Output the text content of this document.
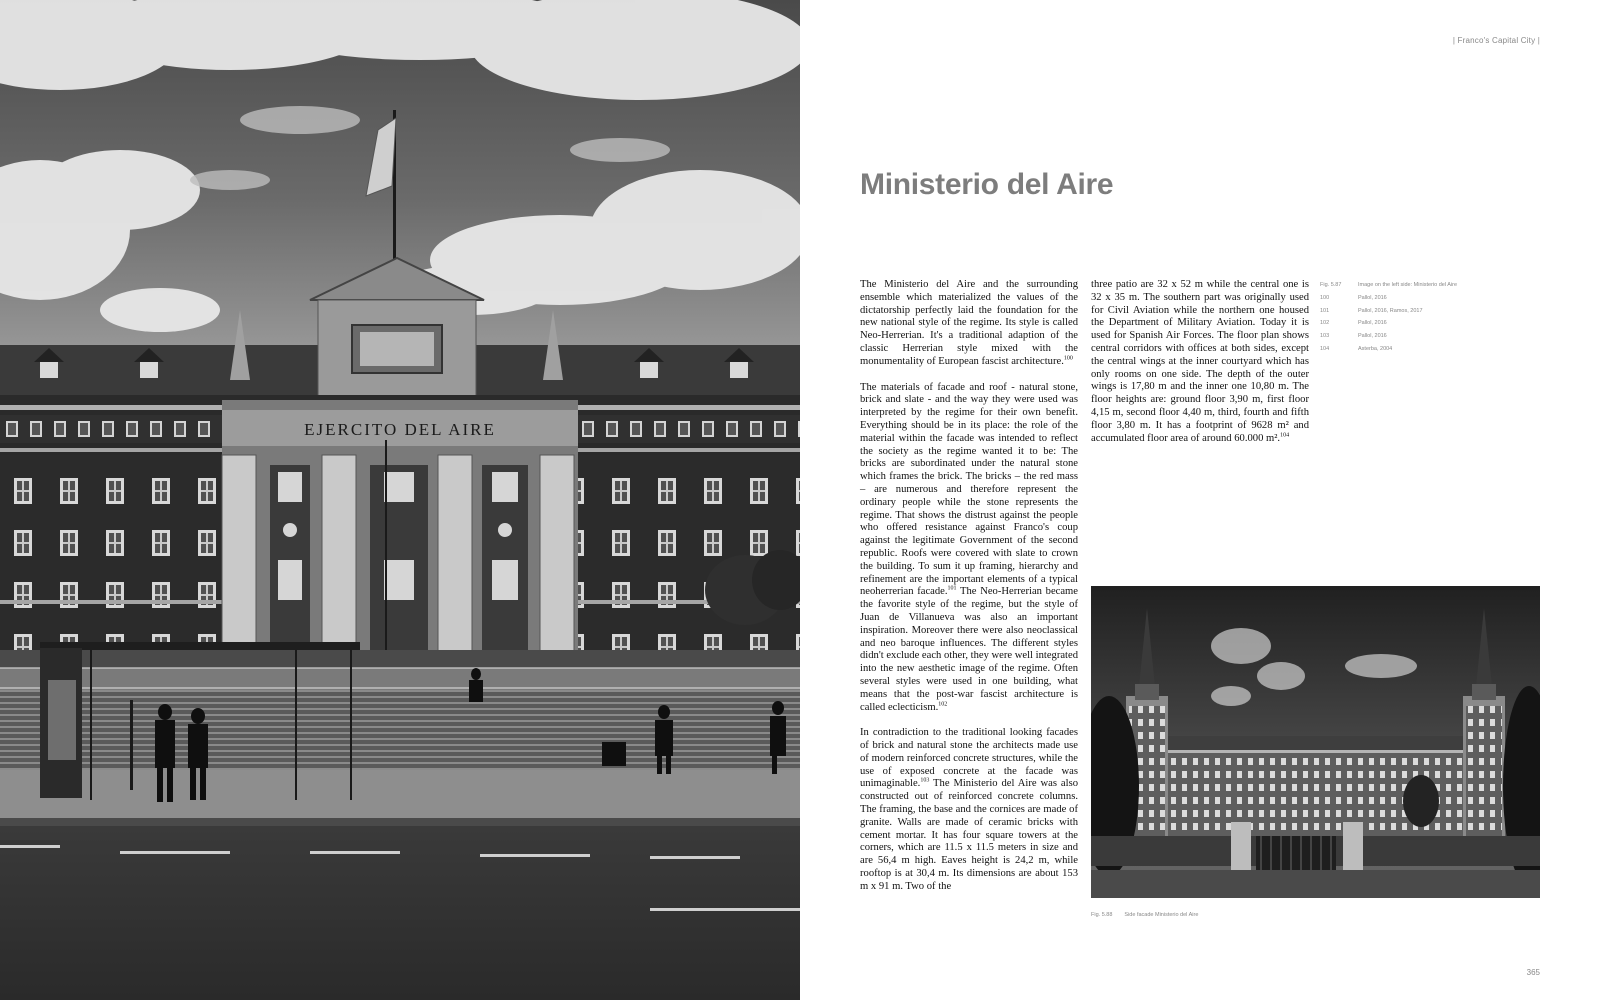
EJERCITO DEL AIRE
| Franco's Capital City |
Ministerio del Aire

The Ministerio del Aire and the surrounding ensemble which materialized the values of the dictatorship perfectly laid the foundation for the new national style of the regime. Its style is called Neo-Herrerian. It's a traditional adaption of the classic Herrerian style mixed with the monumentality of European fascist architecture.$^{100}$

The materials of facade and roof - natural stone, brick and slate - and the way they were used was interpreted by the regime for their own benefit. Everything should be in its place: the role of the material within the facade was intended to reflect the society as the regime wanted it to be: The bricks are subordinated under the natural stone which frames the brick. The bricks – the red mass – are numerous and therefore represent the ordinary people while the stone represents the regime. That shows the distrust against the people who offered resistance against Franco's coup against the legitimate Government of the second republic. Roofs were covered with slate to crown the building. To sum it up framing, hierarchy and refinement are the important elements of a typical neoherrerian facade.$^{101}$ The Neo-Herrerian became the favorite style of the regime, but the style of Juan de Villanueva was also an important inspiration. Moreover there were also neoclassical and neo baroque influences. The different styles didn't exclude each other, they were well integrated into the new aesthetic image of the regime. Often several styles were used in one building, what means that the post-war fascist architecture is called eclecticism.$^{102}$

In contradiction to the traditional looking facades of brick and natural stone the architects made use of modern reinforced concrete structures, while the use of exposed concrete at the facade was unimaginable.$^{103}$ The Ministerio del Aire was also constructed out of reinforced concrete columns. The framing, the base and the cornices are made of granite. Walls are made of ceramic bricks with cement mortar. It has four square towers at the corners, which are 11.5 x 11.5 meters in size and are 56,4 m high. Eaves height is 24,2 m, while rooftop is at 30,4 m. Its dimensions are about 153 m x 91 m. Two of the

three patio are 32 x 52 m while the central one is 32 x 35 m. The southern part was originally used for Civil Aviation while the northern one housed the Department of Military Aviation. Today it is used for Spanish Air Forces. The floor plan shows central corridors with offices at both sides, except the central wings at the inner courtyard which has only rooms on one side. The depth of the outer wings is 17,80 m and the inner one 10,80 m. The floor heights are: ground floor 3,90 m, first floor 4,15 m, second floor 4,40 m, third, fourth and fifth floor 3,80 m. It has a footprint of 9628 m² and accumulated floor area of around 60.000 m².$^{104}$

Fig. 5.87	Image on the left side: Ministerio del Aire
100	Pallol, 2016
101	Pallol, 2016, Ramos, 2017
102	Pallol, 2016
103	Pallol, 2016
104	Asterba, 2004
Fig. 5.88 Side facade Ministerio del Aire
365
